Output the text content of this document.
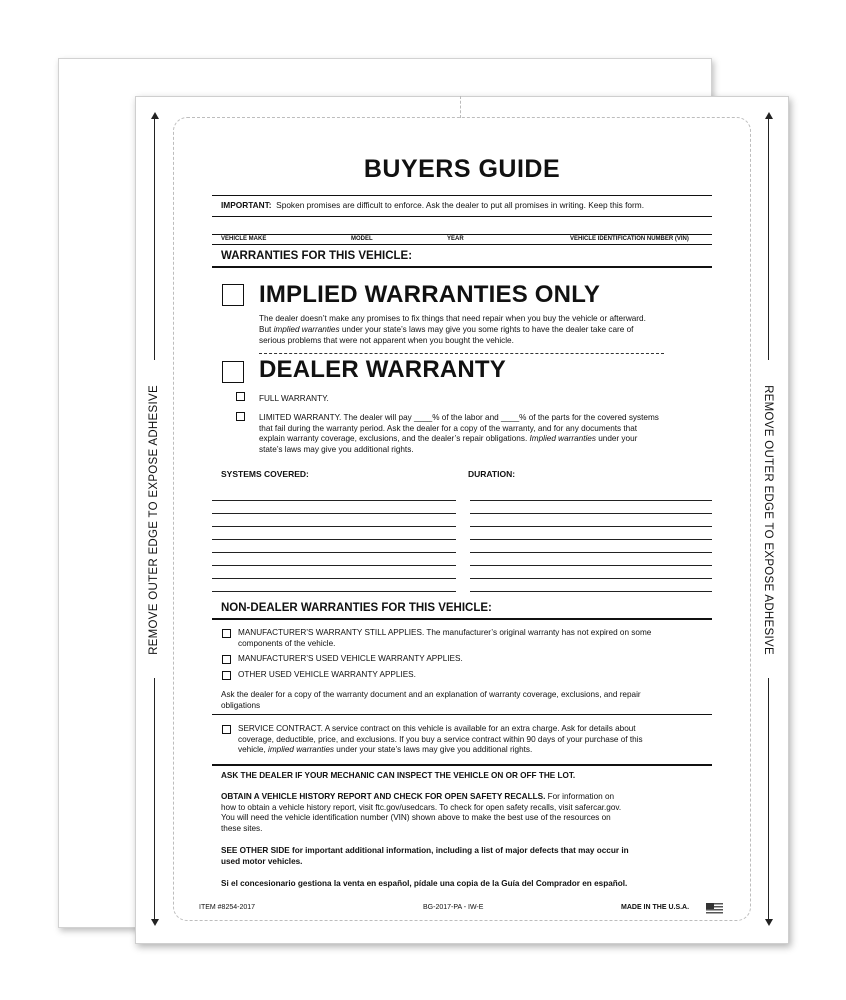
REMOVE OUTER EDGE TO EXPOSE ADHESIVE	REMOVE OUTER EDGE TO EXPOSE ADHESIVE
BUYERS GUIDE
IMPORTANT: Spoken promises are difficult to enforce. Ask the dealer to put all promises in writing. Keep this form.
VEHICLE MAKE	MODEL	YEAR	VEHICLE IDENTIFICATION NUMBER (VIN)
WARRANTIES FOR THIS VEHICLE:
IMPLIED WARRANTIES ONLY
The dealer doesn’t make any promises to fix things that need repair when you buy the vehicle or afterward.
But implied warranties under your state’s laws may give you some rights to have the dealer take care of
serious problems that were not apparent when you bought the vehicle.
DEALER WARRANTY
FULL WARRANTY.
LIMITED WARRANTY. The dealer will pay ____% of the labor and ____% of the parts for the covered systems
that fail during the warranty period. Ask the dealer for a copy of the warranty, and for any documents that
explain warranty coverage, exclusions, and the dealer’s repair obligations. Implied warranties under your
state’s laws may give you additional rights.
SYSTEMS COVERED:	DURATION:
NON-DEALER WARRANTIES FOR THIS VEHICLE:
MANUFACTURER’S WARRANTY STILL APPLIES. The manufacturer’s original warranty has not expired on some
components of the vehicle.
MANUFACTURER’S USED VEHICLE WARRANTY APPLIES.
OTHER USED VEHICLE WARRANTY APPLIES.
Ask the dealer for a copy of the warranty document and an explanation of warranty coverage, exclusions, and repair
obligations
SERVICE CONTRACT. A service contract on this vehicle is available for an extra charge. Ask for details about
coverage, deductible, price, and exclusions. If you buy a service contract within 90 days of your purchase of this
vehicle, implied warranties under your state’s laws may give you additional rights.
ASK THE DEALER IF YOUR MECHANIC CAN INSPECT THE VEHICLE ON OR OFF THE LOT.
OBTAIN A VEHICLE HISTORY REPORT AND CHECK FOR OPEN SAFETY RECALLS. For information on
how to obtain a vehicle history report, visit ftc.gov/usedcars. To check for open safety recalls, visit safercar.gov.
You will need the vehicle identification number (VIN) shown above to make the best use of the resources on
these sites.
SEE OTHER SIDE for important additional information, including a list of major defects that may occur in
used motor vehicles.
Si el concesionario gestiona la venta en español, pídale una copia de la Guía del Comprador en español.
ITEM #8254-2017	BG-2017-PA - IW-E	MADE IN THE U.S.A.
